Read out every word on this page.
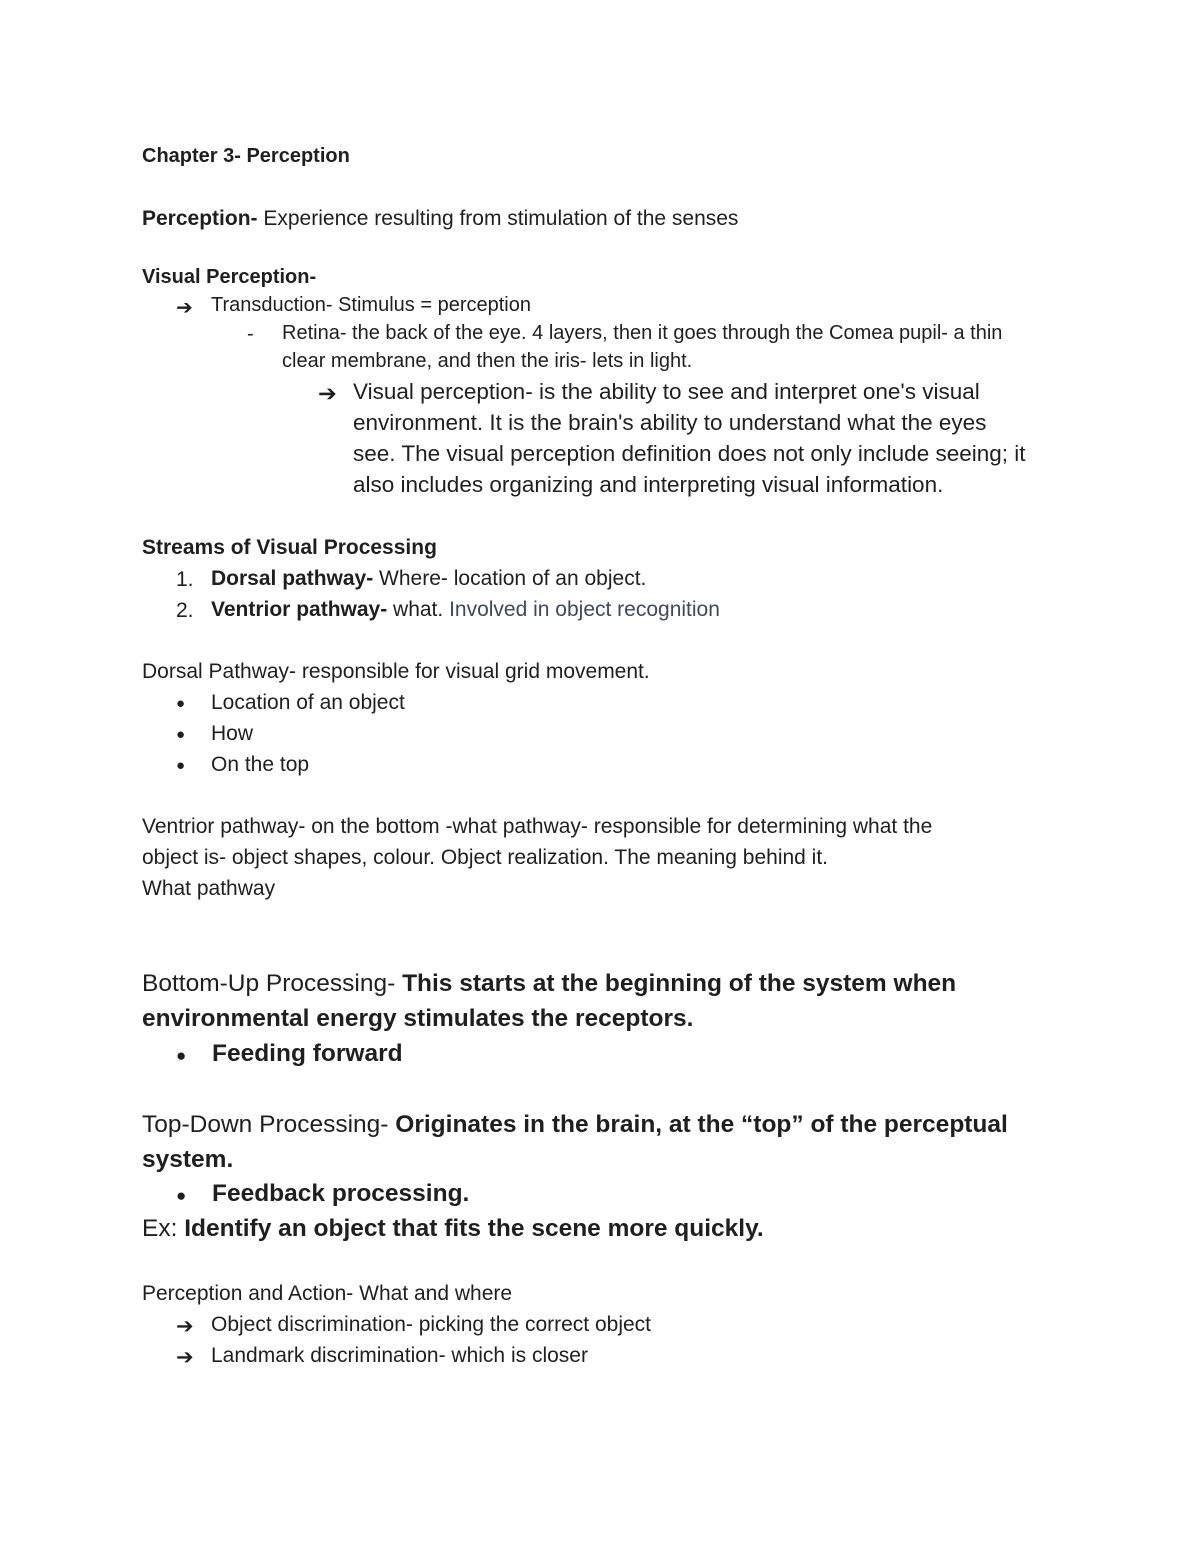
Chapter 3- Perception
Perception- Experience resulting from stimulation of the senses
Visual Perception-
➔ Transduction- Stimulus = perception
- Retina- the back of the eye. 4 layers, then it goes through the Comea pupil- a thin
clear membrane, and then the iris- lets in light.
➔ Visual perception- is the ability to see and interpret one's visual
environment. It is the brain's ability to understand what the eyes
see. The visual perception definition does not only include seeing; it
also includes organizing and interpreting visual information.
Streams of Visual Processing
1. Dorsal pathway- Where- location of an object.
2. Ventrior pathway- what. Involved in object recognition
Dorsal Pathway- responsible for visual grid movement.
● Location of an object
● How
● On the top
Ventrior pathway- on the bottom -what pathway- responsible for determining what the
object is- object shapes, colour. Object realization. The meaning behind it.
What pathway
Bottom-Up Processing- This starts at the beginning of the system when
environmental energy stimulates the receptors.
● Feeding forward
Top-Down Processing- Originates in the brain, at the “top” of the perceptual
system.
● Feedback processing.
Ex: Identify an object that fits the scene more quickly.
Perception and Action- What and where
➔ Object discrimination- picking the correct object
➔ Landmark discrimination- which is closer
